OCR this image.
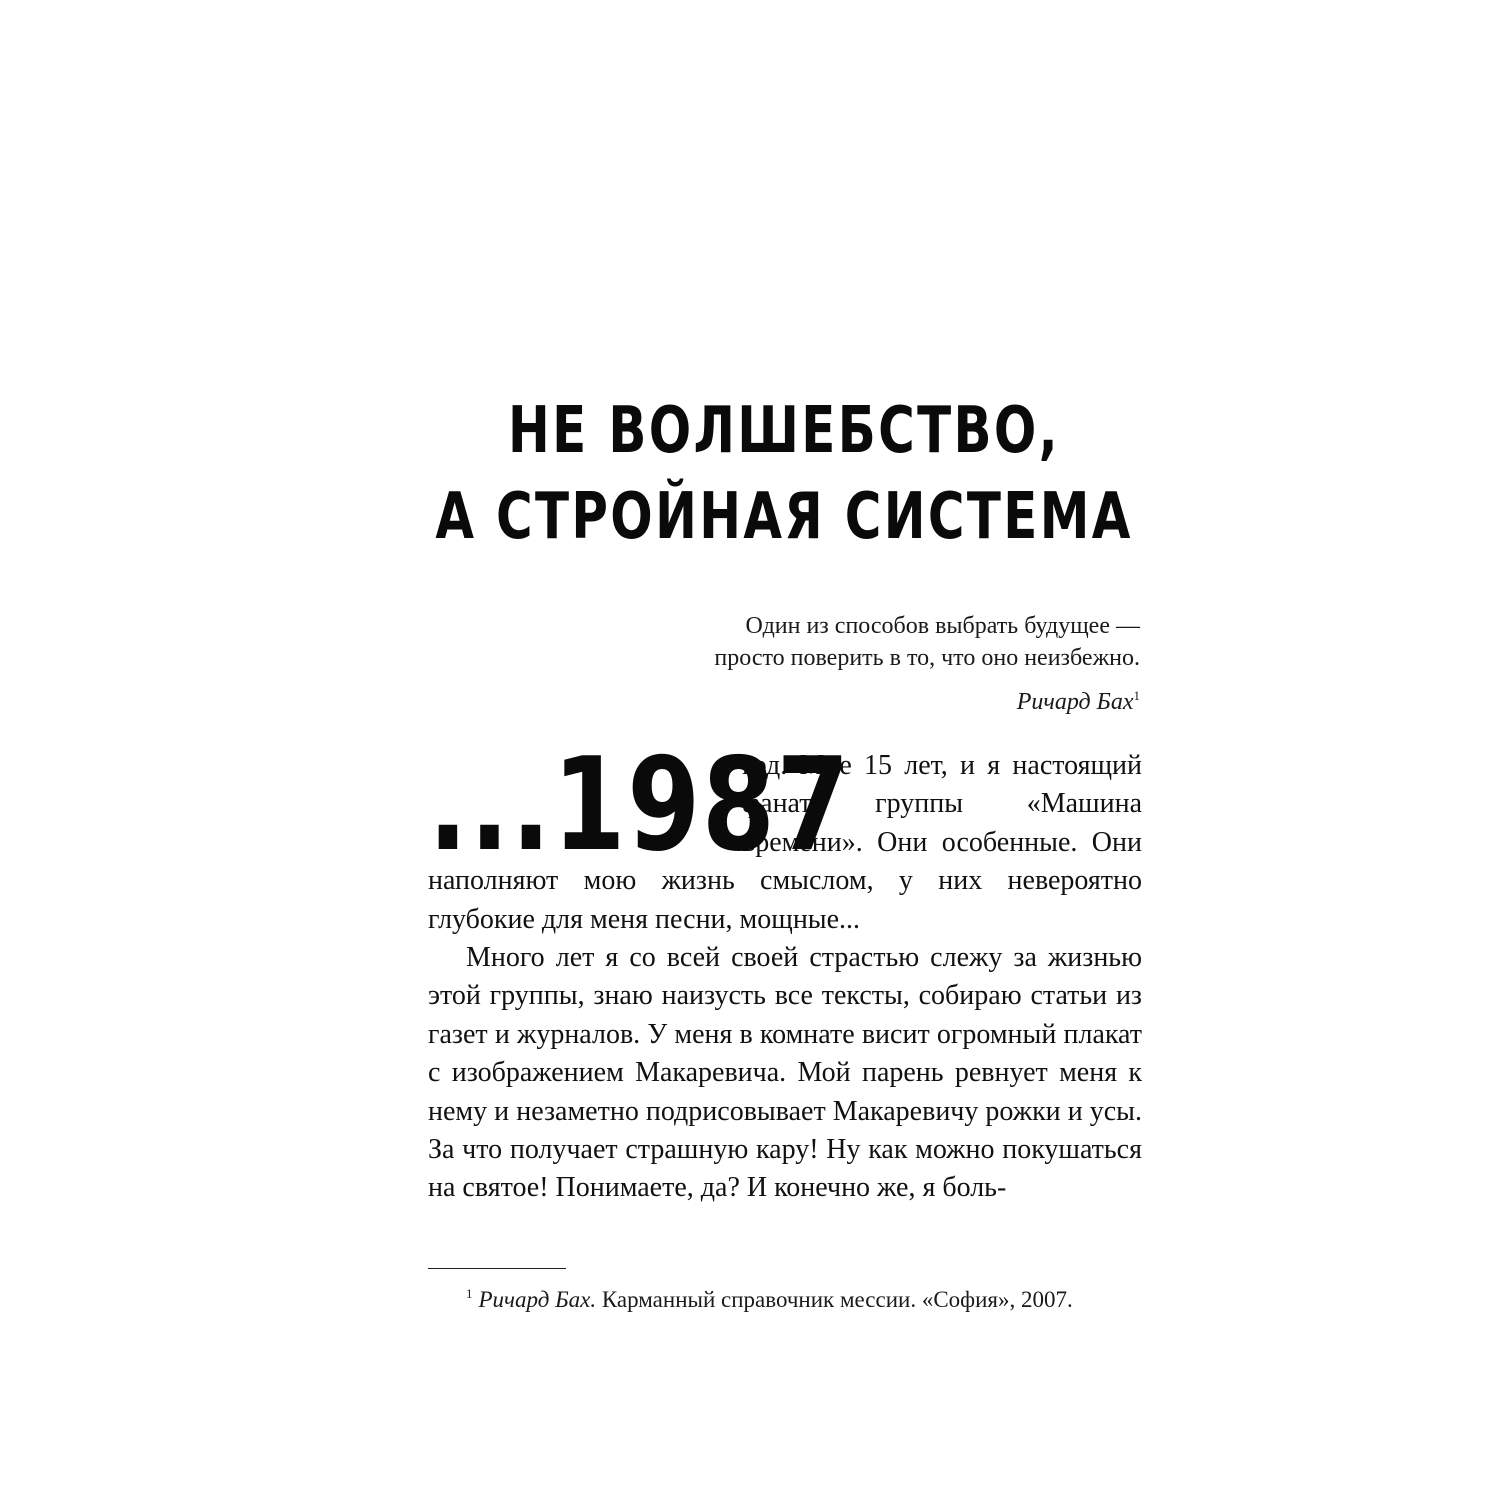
НЕ ВОЛШЕБСТВО,
А СТРОЙНАЯ СИСТЕМА
Один из способов выбрать будущее —
просто поверить в то, что оно неизбежно.
Ричард Бах$^1$

...1987
год. Мне 15 лет, и я настоящий фанат группы «Машина времени». Они особенные. Они наполняют мою жизнь смыслом, у них невероятно глубокие для меня песни, мощные...

Много лет я со всей своей страстью слежу за жизнью этой группы, знаю наизусть все тексты, собираю статьи из газет и журналов. У меня в комнате висит огромный плакат с изображением Макаревича. Мой парень ревнует меня к нему и незаметно подрисовывает Макаревичу рожки и усы. За что получает страшную кару! Ну как можно покушаться на святое! Понимаете, да? И конечно же, я боль-

$^1$ Ричард Бах. Карманный справочник мессии. «София», 2007.
